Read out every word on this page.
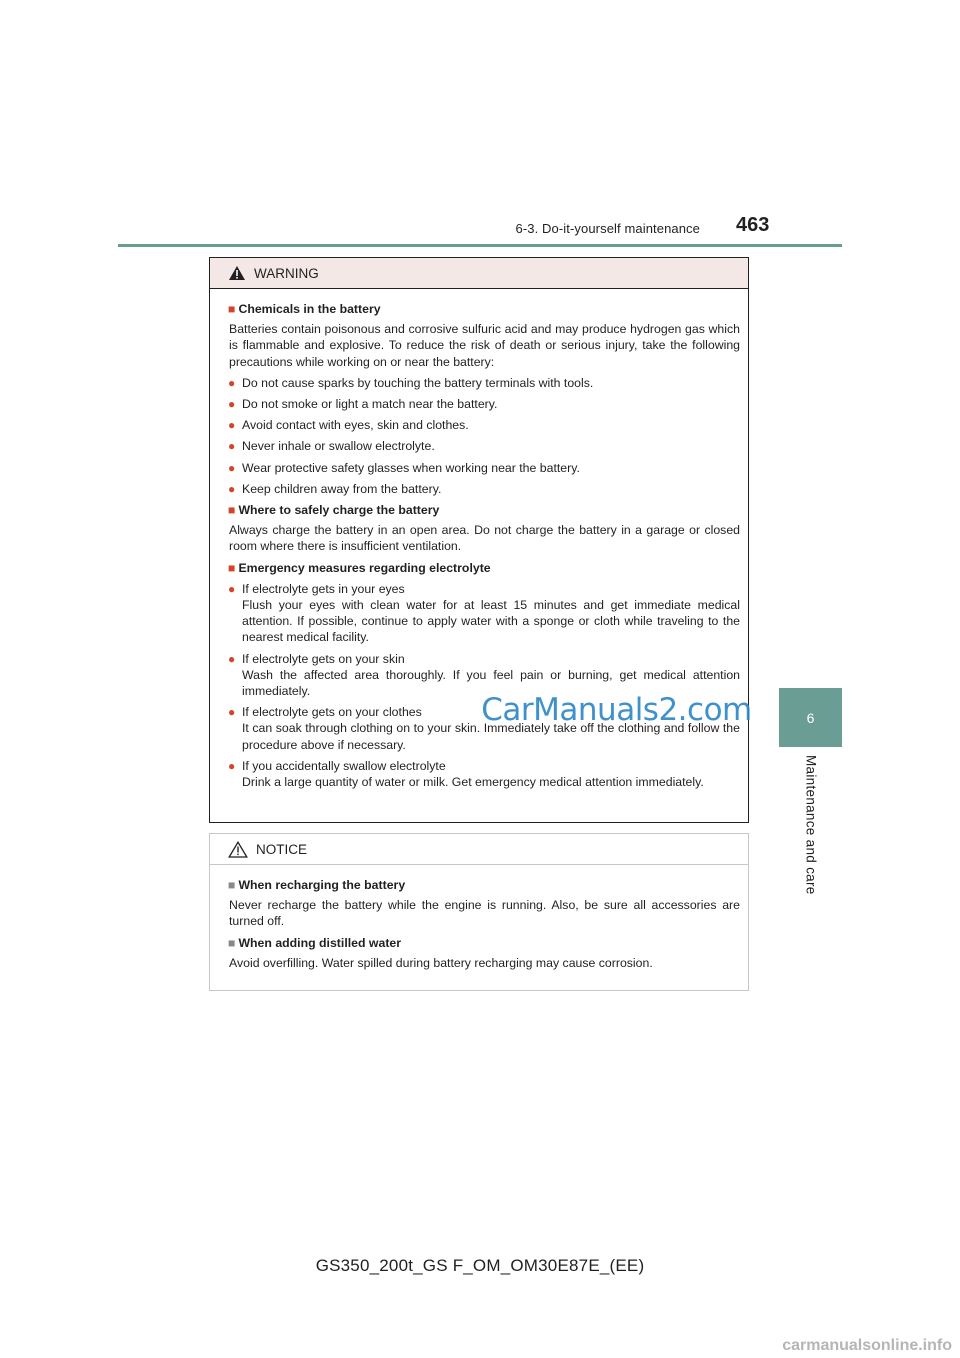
6-3. Do-it-yourself maintenance 463
6
Maintenance and care
WARNING
■ Chemicals in the battery
Batteries contain poisonous and corrosive sulfuric acid and may produce hydrogen gas which is flammable and explosive. To reduce the risk of death or serious injury, take the following precautions while working on or near the battery:
● Do not cause sparks by touching the battery terminals with tools.
● Do not smoke or light a match near the battery.
● Avoid contact with eyes, skin and clothes.
● Never inhale or swallow electrolyte.
● Wear protective safety glasses when working near the battery.
● Keep children away from the battery.
■ Where to safely charge the battery
Always charge the battery in an open area. Do not charge the battery in a garage or closed room where there is insufficient ventilation.
■ Emergency measures regarding electrolyte
● If electrolyte gets in your eyes
Flush your eyes with clean water for at least 15 minutes and get immediate medical attention. If possible, continue to apply water with a sponge or cloth while traveling to the nearest medical facility.
● If electrolyte gets on your skin
Wash the affected area thoroughly. If you feel pain or burning, get medical attention immediately.
● If electrolyte gets on your clothes
It can soak through clothing on to your skin. Immediately take off the clothing and follow the procedure above if necessary.
● If you accidentally swallow electrolyte
Drink a large quantity of water or milk. Get emergency medical attention immediately.
NOTICE
■ When recharging the battery
Never recharge the battery while the engine is running. Also, be sure all accessories are turned off.
■ When adding distilled water
Avoid overfilling. Water spilled during battery recharging may cause corrosion.
CarManuals2.com
GS350_200t_GS F_OM_OM30E87E_(EE)
carmanualsonline.info
